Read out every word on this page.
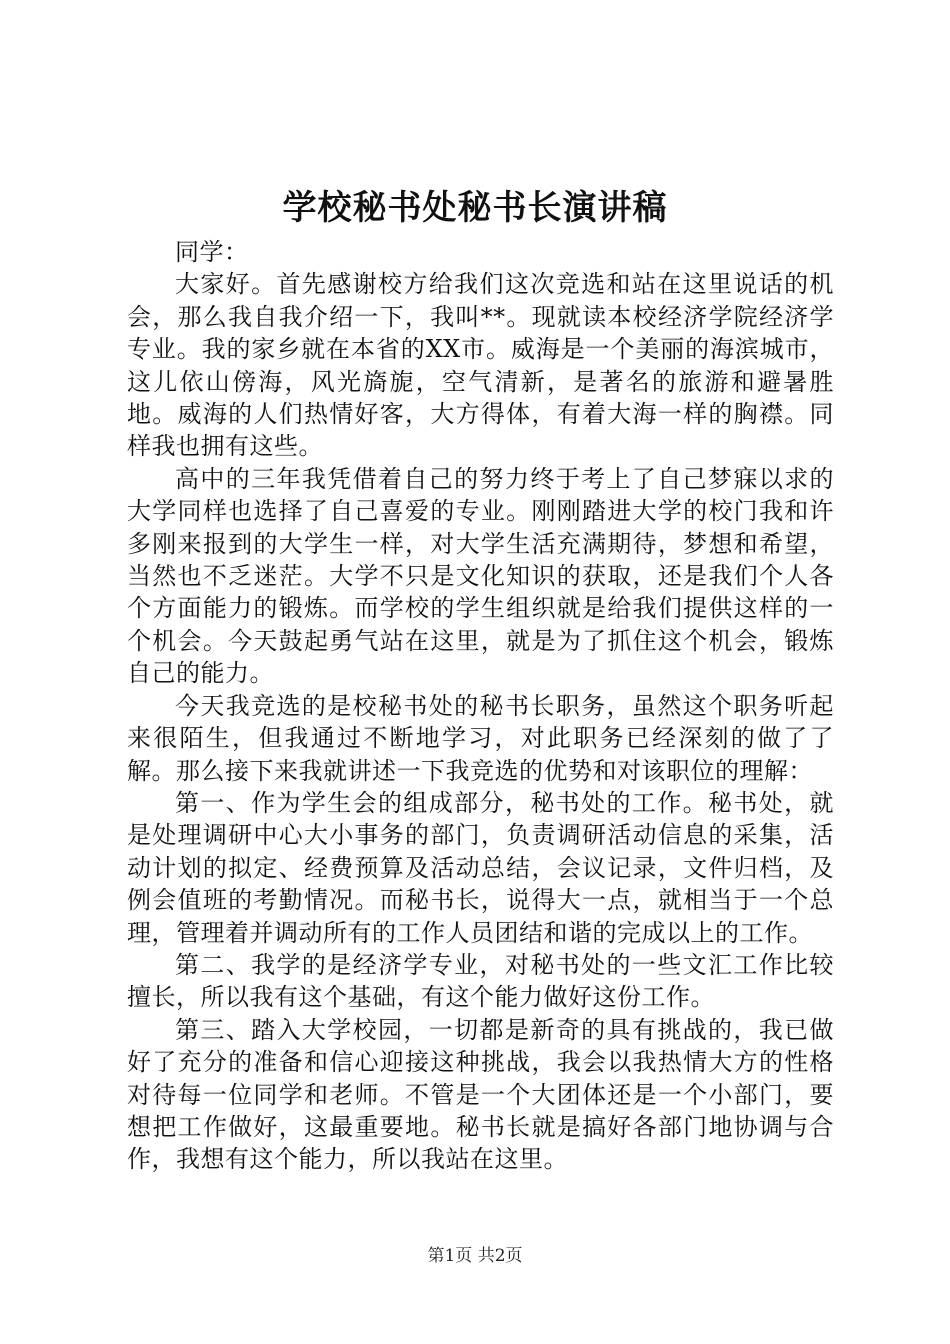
学校秘书处秘书长演讲稿

同学：

大家好。首先感谢校方给我们这次竞选和站在这里说话的机会，那么我自我介绍一下，我叫**。现就读本校经济学院经济学专业。我的家乡就在本省的XX市。威海是一个美丽的海滨城市，这儿依山傍海，风光旖旎，空气清新，是著名的旅游和避暑胜地。威海的人们热情好客，大方得体，有着大海一样的胸襟。同样我也拥有这些。

高中的三年我凭借着自己的努力终于考上了自己梦寐以求的大学同样也选择了自己喜爱的专业。刚刚踏进大学的校门我和许多刚来报到的大学生一样，对大学生活充满期待，梦想和希望，当然也不乏迷茫。大学不只是文化知识的获取，还是我们个人各个方面能力的锻炼。而学校的学生组织就是给我们提供这样的一个机会。今天鼓起勇气站在这里，就是为了抓住这个机会，锻炼自己的能力。

今天我竞选的是校秘书处的秘书长职务，虽然这个职务听起来很陌生，但我通过不断地学习，对此职务已经深刻的做了了解。那么接下来我就讲述一下我竞选的优势和对该职位的理解：

第一、作为学生会的组成部分，秘书处的工作。秘书处，就是处理调研中心大小事务的部门，负责调研活动信息的采集，活动计划的拟定、经费预算及活动总结，会议记录，文件归档，及例会值班的考勤情况。而秘书长，说得大一点，就相当于一个总理，管理着并调动所有的工作人员团结和谐的完成以上的工作。

第二、我学的是经济学专业，对秘书处的一些文汇工作比较擅长，所以我有这个基础，有这个能力做好这份工作。

第三、踏入大学校园，一切都是新奇的具有挑战的，我已做好了充分的准备和信心迎接这种挑战，我会以我热情大方的性格对待每一位同学和老师。不管是一个大团体还是一个小部门，要想把工作做好，这最重要地。秘书长就是搞好各部门地协调与合作，我想有这个能力，所以我站在这里。

第1页 共2页
